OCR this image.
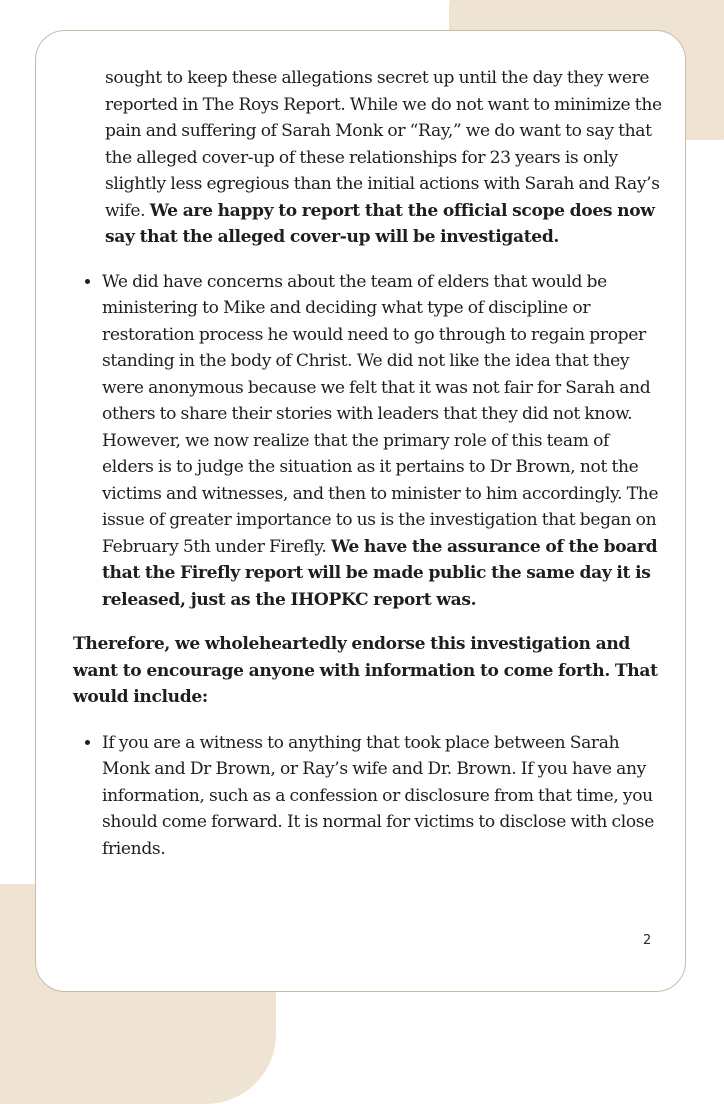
sought to keep these allegations secret up until the day they were reported in The Roys Report. While we do not want to minimize the pain and suffering of Sarah Monk or “Ray,” we do want to say that the alleged cover-up of these relationships for 23 years is only slightly less egregious than the initial actions with Sarah and Ray’s wife. We are happy to report that the official scope does now say that the alleged cover-up will be investigated.

• We did have concerns about the team of elders that would be ministering to Mike and deciding what type of discipline or restoration process he would need to go through to regain proper standing in the body of Christ. We did not like the idea that they were anonymous because we felt that it was not fair for Sarah and others to share their stories with leaders that they did not know. However, we now realize that the primary role of this team of elders is to judge the situation as it pertains to Dr Brown, not the victims and witnesses, and then to minister to him accordingly. The issue of greater importance to us is the investigation that began on February 5th under Firefly. We have the assurance of the board that the Firefly report will be made public the same day it is released, just as the IHOPKC report was.

Therefore, we wholeheartedly endorse this investigation and want to encourage anyone with information to come forth. That would include:

• If you are a witness to anything that took place between Sarah Monk and Dr Brown, or Ray’s wife and Dr. Brown. If you have any information, such as a confession or disclosure from that time, you should come forward. It is normal for victims to disclose with close friends.
2
